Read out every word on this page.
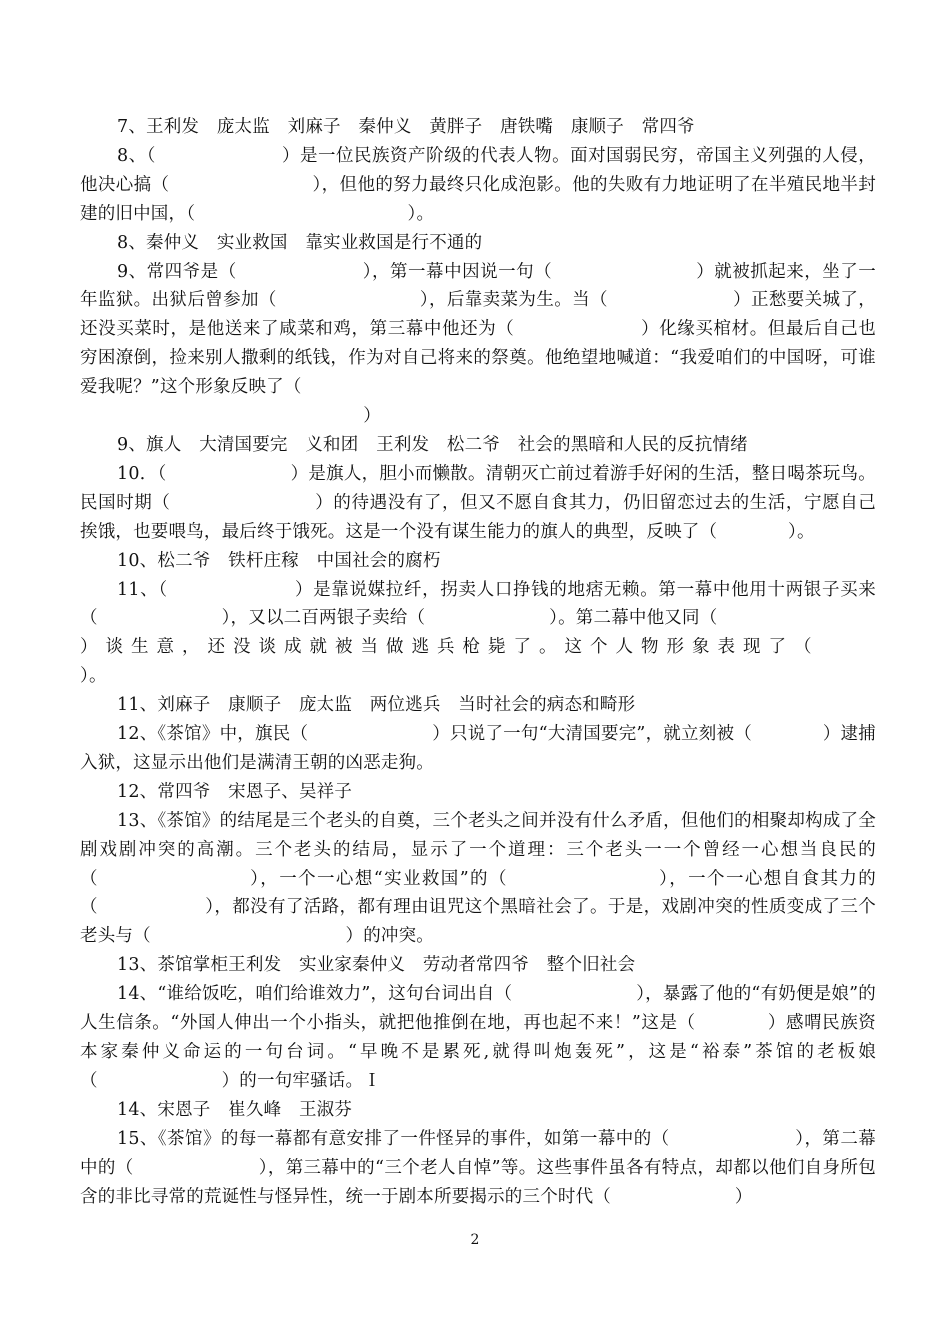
7、王利发　庞太监　刘麻子　秦仲义　黄胖子　唐铁嘴　康顺子　常四爷

8、（　　　　　　　）是一位民族资产阶级的代表人物。面对国弱民穷，帝国主义列强的人侵，他决心搞（　　　　　　　　），但他的努力最终只化成泡影。他的失败有力地证明了在半殖民地半封建的旧中国，（　　　　　　　　　　　　）。

8、秦仲义　实业救国　靠实业救国是行不通的

9、常四爷是（　　　　　　　），第一幕中因说一句（　　　　　　　　）就被抓起来，坐了一年监狱。出狱后曾参加（　　　　　　　　），后靠卖菜为生。当（　　　　　　　）正愁要关城了，还没买菜时，是他送来了咸菜和鸡，第三幕中他还为（　　　　　　　）化缘买棺材。但最后自己也穷困潦倒，捡来别人撒剩的纸钱，作为对自己将来的祭奠。他绝望地喊道：“我爱咱们的中国呀，可谁爱我呢？”这个形象反映了（

　　　　　　　　　　　　　　　　）

9、旗人　大清国要完　义和团　王利发　松二爷　社会的黑暗和人民的反抗情绪

10．（　　　　　　　）是旗人，胆小而懒散。清朝灭亡前过着游手好闲的生活，整日喝茶玩鸟。民国时期（　　　　　　　　）的待遇没有了，但又不愿自食其力，仍旧留恋过去的生活，宁愿自己挨饿，也要喂鸟，最后终于饿死。这是一个没有谋生能力的旗人的典型，反映了（　　　　）。

10、松二爷　铁杆庄稼　中国社会的腐朽

11、（　　　　　　　）是靠说媒拉纤，拐卖人口挣钱的地痞无赖。第一幕中他用十两银子买来（　　　　　　　），又以二百两银子卖给（　　　　　　　）。第二幕中他又同（

）谈生意，还没谈成就被当做逃兵枪毙了。这个人物形象表现了（

）。

11、刘麻子　康顺子　庞太监　两位逃兵　当时社会的病态和畸形

12、《茶馆》中，旗民（　　　　　　　）只说了一句“大清国要完”，就立刻被（　　　　）逮捕入狱，这显示出他们是满清王朝的凶恶走狗。

12、常四爷　宋恩子、吴祥子

13、《茶馆》的结尾是三个老头的自奠，三个老头之间并没有什么矛盾，但他们的相聚却构成了全剧戏剧冲突的高潮。三个老头的结局，显示了一个道理：三个老头一一个曾经一心想当良民的（　　　　　　　　），一个一心想“实业救国”的（　　　　　　　　），一个一心想自食其力的（　　　　　　），都没有了活路，都有理由诅咒这个黑暗社会了。于是，戏剧冲突的性质变成了三个老头与（　　　　　　　　　　　）的冲突。

13、茶馆掌柜王利发　实业家秦仲义　劳动者常四爷　整个旧社会

14、“谁给饭吃，咱们给谁效力”，这句台词出自（　　　　　　　），暴露了他的“有奶便是娘”的人生信条。“外国人伸出一个小指头，就把他推倒在地，再也起不来！”这是（　　　　）感喟民族资本家秦仲义命运的一句台词。“早晚不是累死,就得叫炮轰死”，这是“裕泰”茶馆的老板娘（　　　　　　　）的一句牢骚话。Ｉ

14、宋恩子　崔久峰　王淑芬

15、《茶馆》的每一幕都有意安排了一件怪异的事件，如第一幕中的（　　　　　　　），第二幕中的（　　　　　　　），第三幕中的“三个老人自悼”等。这些事件虽各有特点，却都以他们自身所包含的非比寻常的荒诞性与怪异性，统一于剧本所要揭示的三个时代（　　　　　　　）

2
